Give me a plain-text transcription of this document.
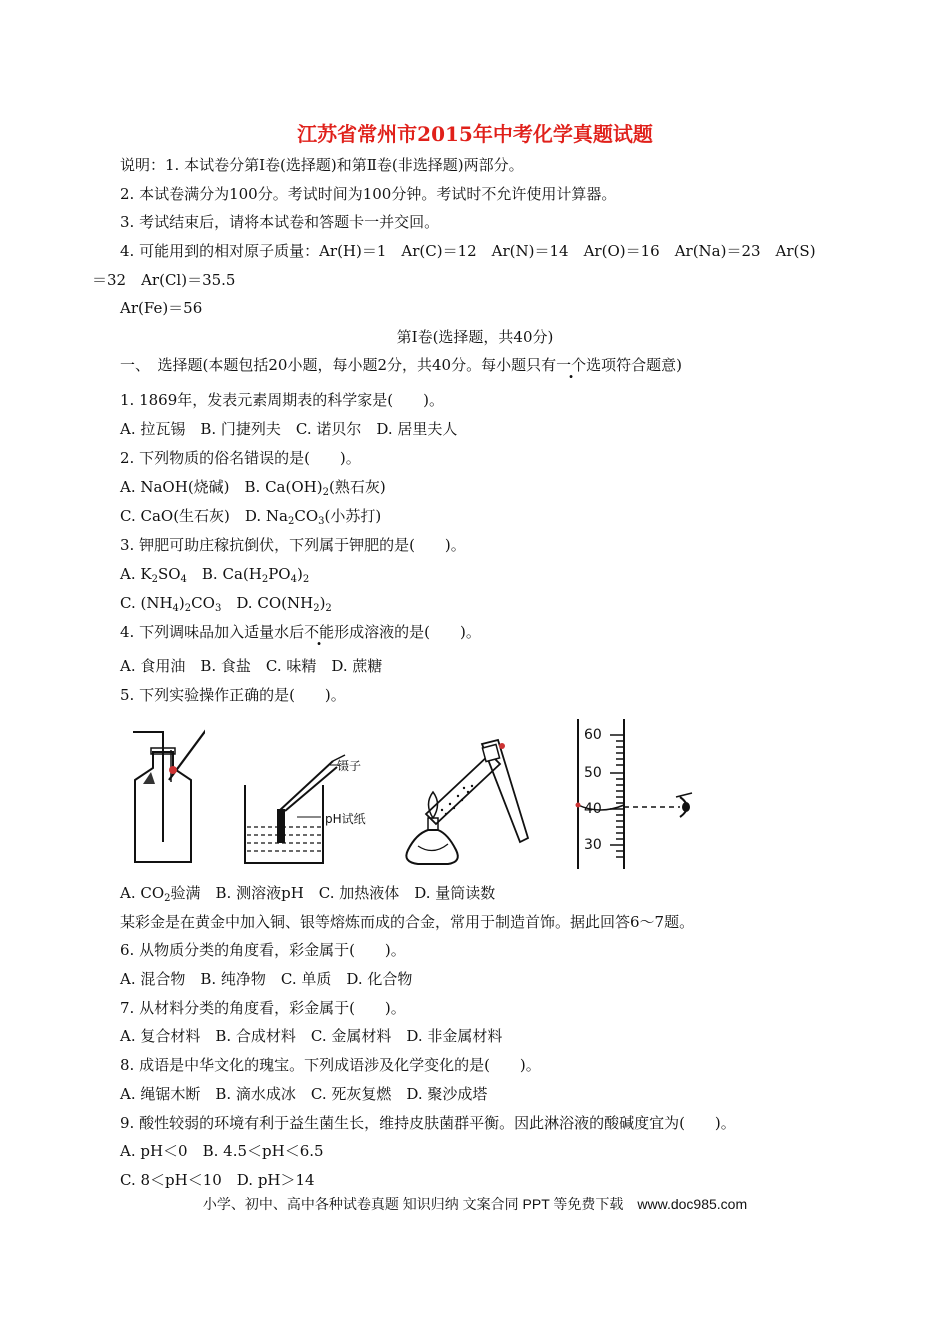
江苏省常州市2015年中考化学真题试题
说明：1. 本试卷分第Ⅰ卷(选择题)和第Ⅱ卷(非选择题)两部分。
2. 本试卷满分为100分。考试时间为100分钟。考试时不允许使用计算器。
3. 考试结束后，请将本试卷和答题卡一并交回。
4. 可能用到的相对原子质量：Ar(H)＝1　Ar(C)＝12　Ar(N)＝14　Ar(O)＝16　Ar(Na)＝23　Ar(S)
＝32　Ar(Cl)＝35.5
Ar(Fe)＝56
第Ⅰ卷(选择题，共40分)
一、　选择题(本题包括20小题，每小题2分，共40分。每小题只有一个选项符合题意)
1. 1869年，发表元素周期表的科学家是(　　)。
A. 拉瓦锡　B. 门捷列夫　C. 诺贝尔　D. 居里夫人
2. 下列物质的俗名错误的是(　　)。
A. NaOH(烧碱)　B. $Ca(OH)_2$(熟石灰)
C. CaO(生石灰)　D. $Na_2CO_3$(小苏打)
3. 钾肥可助庄稼抗倒伏，下列属于钾肥的是(　　)。
A. $K_2SO_4$　B. $Ca(H_2PO_4)_2$
C. $(NH_4)_2CO_3$　D. $CO(NH_2)_2$
4. 下列调味品加入适量水后不能形成溶液的是(　　)。
A. 食用油　B. 食盐　C. 味精　D. 蔗糖
5. 下列实验操作正确的是(　　)。
镊子
pH试纸
60
50
40
30
A. $CO_2$验满　B. 测溶液pH　C. 加热液体　D. 量筒读数
某彩金是在黄金中加入铜、银等熔炼而成的合金，常用于制造首饰。据此回答6～7题。
6. 从物质分类的角度看，彩金属于(　　)。
A. 混合物　B. 纯净物　C. 单质　D. 化合物
7. 从材料分类的角度看，彩金属于(　　)。
A. 复合材料　B. 合成材料　C. 金属材料　D. 非金属材料
8. 成语是中华文化的瑰宝。下列成语涉及化学变化的是(　　)。
A. 绳锯木断　B. 滴水成冰　C. 死灰复燃　D. 聚沙成塔
9. 酸性较弱的环境有利于益生菌生长，维持皮肤菌群平衡。因此淋浴液的酸碱度宜为(　　)。
A. pH＜0　B. 4.5＜pH＜6.5
C. 8＜pH＜10　D. pH＞14
小学、初中、高中各种试卷真题 知识归纳 文案合同 PPT 等免费下载　www.doc985.com
